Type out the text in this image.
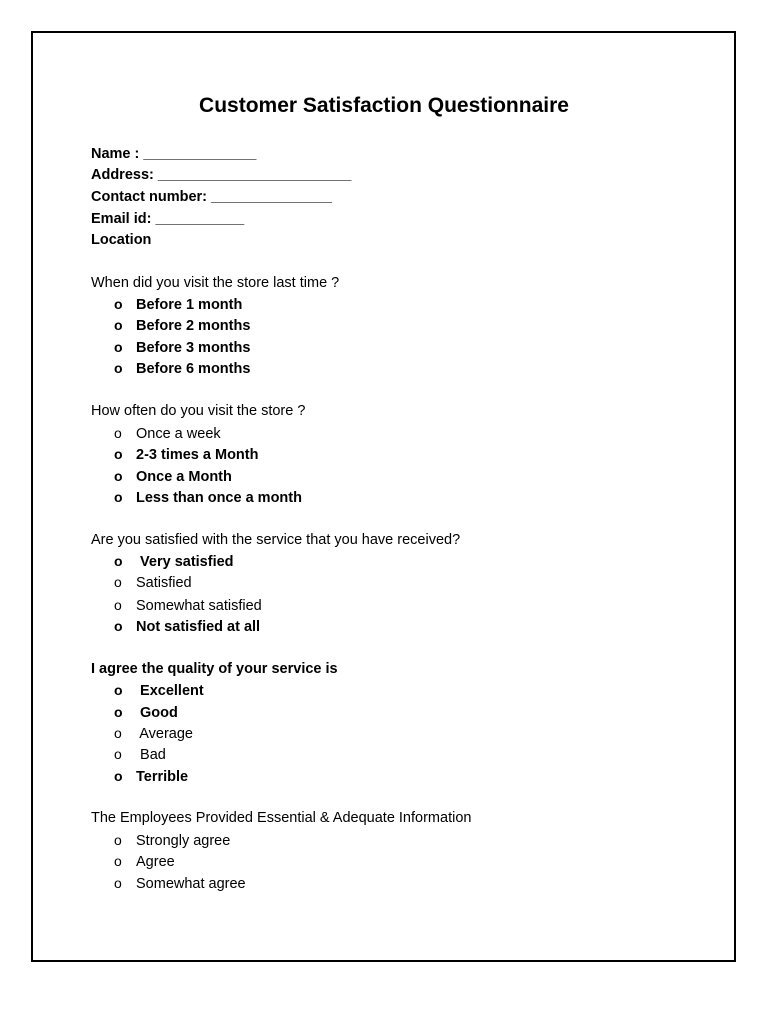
Customer Satisfaction Questionnaire
Name : ______________
Address: ________________________
Contact number: _______________
Email id: ___________
Location
When did you visit the store last time ?
o Before 1 month
o Before 2 months
o Before 3 months
o Before 6 months
How often do you visit the store ?
o Once a week
o 2-3 times a Month
o Once a Month
o Less than once a month
Are you satisfied with the service that you have received?
o Very satisfied
o Satisfied
o Somewhat satisfied
o Not satisfied at all
I agree the quality of your service is
o Excellent
o Good
o Average
o Bad
o Terrible
The Employees Provided Essential & Adequate Information
o Strongly agree
o Agree
o Somewhat agree
